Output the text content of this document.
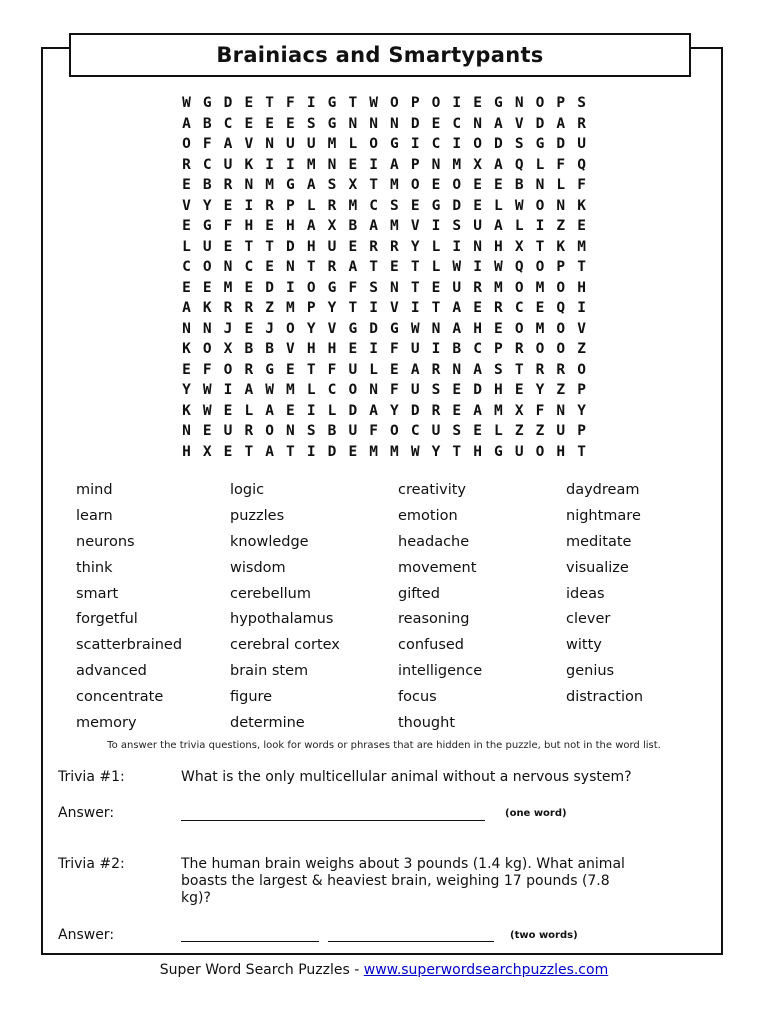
Brainiacs and Smartypants
W G D E T F I G T W O P O I E G N O P S
A B C E E E S G N N N D E C N A V D A R
O F A V N U U M L O G I C I O D S G D U
R C U K I I M N E I A P N M X A Q L F Q
E B R N M G A S X T M O E O E E B N L F
V Y E I R P L R M C S E G D E L W O N K
E G F H E H A X B A M V I S U A L I Z E
L U E T T D H U E R R Y L I N H X T K M
C O N C E N T R A T E T L W I W Q O P T
E E M E D I O G F S N T E U R M O M O H
A K R R Z M P Y T I V I T A E R C E Q I
N N J E J O Y V G D G W N A H E O M O V
K O X B B V H H E I F U I B C P R O O Z
E F O R G E T F U L E A R N A S T R R O
Y W I A W M L C O N F U S E D H E Y Z P
K W E L A E I L D A Y D R E A M X F N Y
N E U R O N S B U F O C U S E L Z Z U P
H X E T A T I D E M M W Y T H G U O H T
mind
learn
neurons
think
smart
forgetful
scatterbrained
advanced
concentrate
memory
logic
puzzles
knowledge
wisdom
cerebellum
hypothalamus
cerebral cortex
brain stem
figure
determine
creativity
emotion
headache
movement
gifted
reasoning
confused
intelligence
focus
thought
daydream
nightmare
meditate
visualize
ideas
clever
witty
genius
distraction
To answer the trivia questions, look for words or phrases that are hidden in the puzzle, but not in the word list.
Trivia #1:	What is the only multicellular animal without a nervous system?
Answer:	(one word)
Trivia #2:	The human brain weighs about 3 pounds (1.4 kg). What animal boasts the largest & heaviest brain, weighing 17 pounds (7.8 kg)?
Answer:	(two words)
Super Word Search Puzzles - www.superwordsearchpuzzles.com
